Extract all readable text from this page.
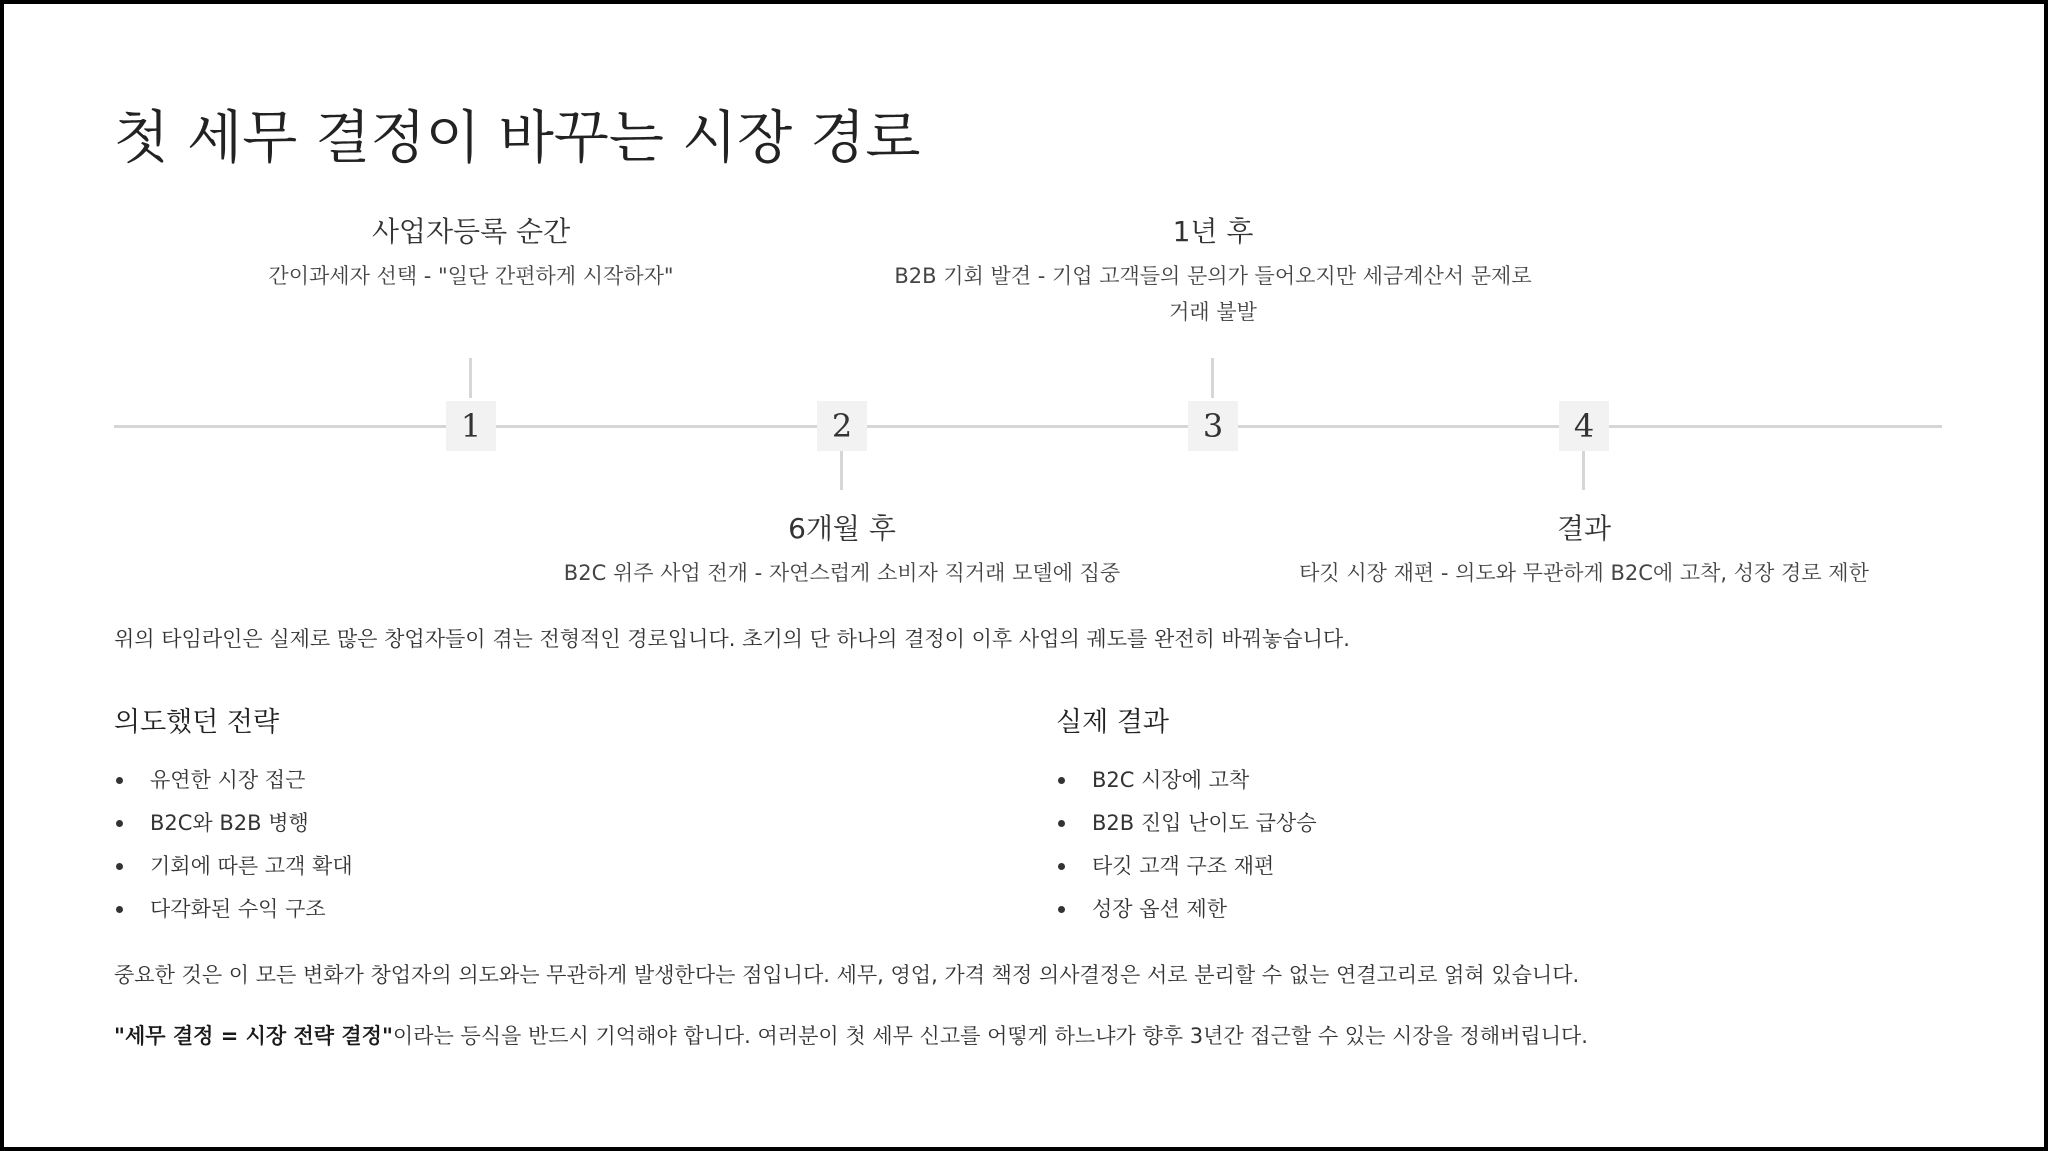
첫 세무 결정이 바꾸는 시장 경로
사업자등록 순간
간이과세자 선택 - "일단 간편하게 시작하자"
1	2
6개월 후
B2C 위주 사업 전개 - 자연스럽게 소비자 직거래 모델에 집중
1년 후
B2B 기회 발견 - 기업 고객들의 문의가 들어오지만 세금계산서 문제로 거래 불발
3	4
결과
타깃 시장 재편 - 의도와 무관하게 B2C에 고착, 성장 경로 제한

위의 타임라인은 실제로 많은 창업자들이 겪는 전형적인 경로입니다. 초기의 단 하나의 결정이 이후 사업의 궤도를 완전히 바꿔놓습니다.

의도했던 전략
유연한 시장 접근
B2C와 B2B 병행
기회에 따른 고객 확대
다각화된 수익 구조
실제 결과
B2C 시장에 고착
B2B 진입 난이도 급상승
타깃 고객 구조 재편
성장 옵션 제한

중요한 것은 이 모든 변화가 창업자의 의도와는 무관하게 발생한다는 점입니다. 세무, 영업, 가격 책정 의사결정은 서로 분리할 수 없는 연결고리로 얽혀 있습니다.

"세무 결정 = 시장 전략 결정"이라는 등식을 반드시 기억해야 합니다. 여러분이 첫 세무 신고를 어떻게 하느냐가 향후 3년간 접근할 수 있는 시장을 정해버립니다.
